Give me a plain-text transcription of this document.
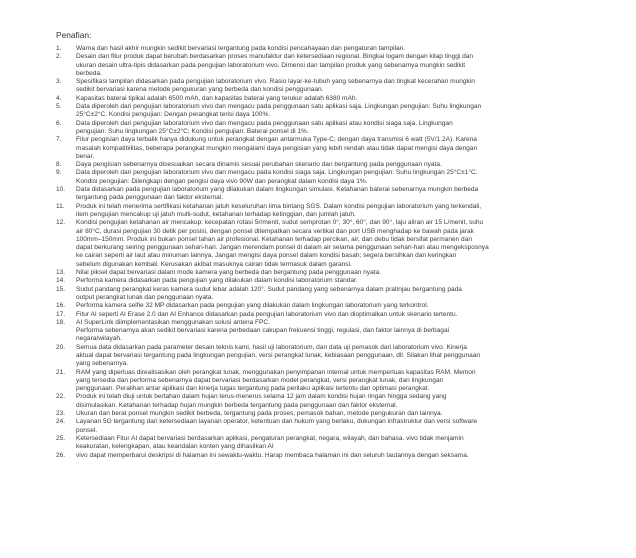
Penafian:
1. Warna dan hasil akhir mungkin sedikit bervariasi tergantung pada kondisi pencahayaan dan pengaturan tampilan.
2. Desain dan fitur produk dapat berubah berdasarkan proses manufaktur dan ketersediaan regional. Bingkai logam dengan kilap tinggi dan
ukuran desain ultra-tipis didasarkan pada pengujian laboratorium vivo. Dimensi dan tampilan produk yang sebenarnya mungkin sedikit
berbeda.
3. Spesifikasi tampilan didasarkan pada pengujian laboratorium vivo. Rasio layar-ke-tubuh yang sebenarnya dan tingkat kecerahan mungkin
sedikit bervariasi karena metode pengukuran yang berbeda dan kondisi penggunaan.
4. Kapasitas baterai tipikal adalah 6500 mAh, dan kapasitas baterai yang terukur adalah 6380 mAh.
5. Data diperoleh dari pengujian laboratorium vivo dan mengacu pada penggunaan satu aplikasi saja. Lingkungan pengujian: Suhu lingkungan
25°C±2°C. Kondisi pengujian: Dengan perangkat terisi daya 100%.
6. Data diperoleh dari pengujian laboratorium vivo dan mengacu pada penggunaan satu aplikasi atau kondisi siaga saja. Lingkungan
pengujian: Suhu lingkungan 25°C±2°C; Kondisi pengujian: Baterai ponsel di 1%.
7. Fitur pengisian daya terbalik hanya didukung untuk perangkat dengan antarmuka Type-C, dengan daya transmisi 6 watt (5V/1.2A). Karena
masalah kompatibilitas, beberapa perangkat mungkin mengalami daya pengisian yang lebih rendah atau tidak dapat mengisi daya dengan
benar.
8. Daya pengisian sebenarnya disesuaikan secara dinamis sesuai perubahan skenario dan bergantung pada penggunaan nyata.
9. Data diperoleh dari pengujian laboratorium vivo dan mengacu pada kondisi siaga saja. Lingkungan pengujian: Suhu lingkungan 25°C±1°C.
Kondisi pengujian: Dilengkapi dengan pengisi daya vivo 90W dan perangkat dalam kondisi daya 1%.
10. Data didasarkan pada pengujian laboratorium yang dilakukan dalam lingkungan simulasi. Ketahanan baterai sebenarnya mungkin berbeda
tergantung pada penggunaan dan faktor eksternal.
11. Produk ini telah menerima sertifikasi ketahanan jatuh keseluruhan lima bintang SGS. Dalam kondisi pengujian laboratorium yang terkendali,
item pengujian mencakup uji jatuh multi-sudut, ketahanan terhadap ketinggian, dan jumlah jatuh.
12. Kondisi pengujian ketahanan air mencakup: kecepatan rotasi 5r/menit, sudut semprotan 0°, 30°, 60°, dan 90°, laju aliran air 15 L/menit, suhu
air 80°C, durasi pengujian 30 detik per posisi, dengan ponsel ditempatkan secara vertikal dan port USB menghadap ke bawah pada jarak
100mm–150mm. Produk ini bukan ponsel tahan air profesional. Ketahanan terhadap percikan, air, dan debu tidak bersifat permanen dan
dapat berkurang seiring penggunaan sehari-hari. Jangan merendam ponsel di dalam air selama penggunaan sehari-hari atau mengeksposnya
ke cairan seperti air laut atau minuman lainnya. Jangan mengisi daya ponsel dalam kondisi basah; segera bersihkan dan keringkan
sebelum digunakan kembali. Kerusakan akibat masuknya cairan tidak termasuk dalam garansi.
13. Nilai piksel dapat bervariasi dalam mode kamera yang berbeda dan bergantung pada penggunaan nyata.
14. Performa kamera didasarkan pada pengujian yang dilakukan dalam kondisi laboratorium standar.
15. Sudut pandang perangkat keras kamera sudut lebar adalah 120°. Sudut pandang yang sebenarnya dalam pratinjau bergantung pada
output perangkat lunak dan penggunaan nyata.
16. Performa kamera selfie 32 MP didasarkan pada pengujian yang dilakukan dalam lingkungan laboratorium yang terkontrol.
17. Fitur AI seperti AI Erase 2.0 dan AI Enhance didasarkan pada pengujian laboratorium vivo dan dioptimalkan untuk skenario tertentu.
18. AI SuperLink diimplementasikan menggunakan solusi antena FPC.
Performa sebenarnya akan sedikit bervariasi karena perbedaan cakupan frekuensi tinggi, regulasi, dan faktor lainnya di berbagai
negara/wilayah.
20. Semua data didasarkan pada parameter desain teknis kami, hasil uji laboratorium, dan data uji pemasok dari laboratorium vivo. Kinerja
aktual dapat bervariasi tergantung pada lingkungan pengujian, versi perangkat lunak, kebiasaan penggunaan, dll. Silakan lihat penggunaan
yang sebenarnya.
21. RAM yang diperluas direalisasikan oleh perangkat lunak, menggunakan penyimpanan internal untuk memperluas kapasitas RAM. Memori
yang tersedia dan performa sebenarnya dapat bervariasi berdasarkan model perangkat, versi perangkat lunak, dan lingkungan
penggunaan. Peralihan antar aplikasi dan kinerja tugas tergantung pada perilaku aplikasi tertentu dan optimasi perangkat.
22. Produk ini telah diuji untuk bertahan dalam hujan terus-menerus selama 12 jam dalam kondisi hujan ringan hingga sedang yang
disimulasikan. Ketahanan terhadap hujan mungkin berbeda tergantung pada penggunaan dan faktor eksternal.
23. Ukuran dan berat ponsel mungkin sedikit berbeda, tergantung pada proses, pemasok bahan, metode pengukuran dan lainnya.
24. Layanan 5G tergantung dari ketersediaan layanan operator, ketentuan dan hukum yang berlaku, dukungan infrastruktur dan versi software
ponsel.
25. Ketersediaan Fitur AI dapat bervariasi berdasarkan aplikasi, pengaturan perangkat, negara, wilayah, dan bahasa. vivo tidak menjamin
keakuratan, kelengkapan, atau keandalan konten yang dihasilkan AI
26. vivo dapat memperbarui deskripsi di halaman ini sewaktu-waktu. Harap membaca halaman ini dan seluruh tautannya dengan seksama.
